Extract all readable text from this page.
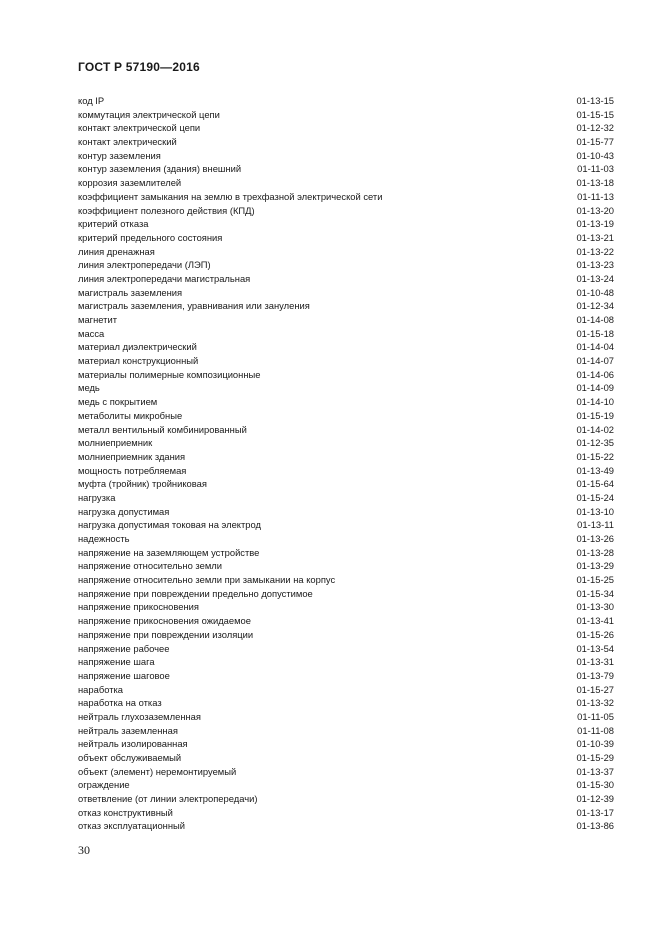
ГОСТ Р 57190—2016
код IP	01-13-15
коммутация электрической цепи	01-15-15
контакт электрической цепи	01-12-32
контакт электрический	01-15-77
контур заземления	01-10-43
контур заземления (здания) внешний	01-11-03
коррозия заземлителей	01-13-18
коэффициент замыкания на землю в трехфазной электрической сети	01-11-13
коэффициент полезного действия (КПД)	01-13-20
критерий отказа	01-13-19
критерий предельного состояния	01-13-21
линия дренажная	01-13-22
линия электропередачи (ЛЭП)	01-13-23
линия электропередачи магистральная	01-13-24
магистраль заземления	01-10-48
магистраль заземления, уравнивания или зануления	01-12-34
магнетит	01-14-08
масса	01-15-18
материал диэлектрический	01-14-04
материал конструкционный	01-14-07
материалы полимерные композиционные	01-14-06
медь	01-14-09
медь с покрытием	01-14-10
метаболиты микробные	01-15-19
металл вентильный комбинированный	01-14-02
молниеприемник	01-12-35
молниеприемник здания	01-15-22
мощность потребляемая	01-13-49
муфта (тройник) тройниковая	01-15-64
нагрузка	01-15-24
нагрузка допустимая	01-13-10
нагрузка допустимая токовая на электрод	01-13-11
надежность	01-13-26
напряжение на заземляющем устройстве	01-13-28
напряжение относительно земли	01-13-29
напряжение относительно земли при замыкании на корпус	01-15-25
напряжение при повреждении предельно допустимое	01-15-34
напряжение прикосновения	01-13-30
напряжение прикосновения ожидаемое	01-13-41
напряжение при повреждении изоляции	01-15-26
напряжение рабочее	01-13-54
напряжение шага	01-13-31
напряжение шаговое	01-13-79
наработка	01-15-27
наработка на отказ	01-13-32
нейтраль глухозаземленная	01-11-05
нейтраль заземленная	01-11-08
нейтраль изолированная	01-10-39
объект обслуживаемый	01-15-29
объект (элемент) неремонтируемый	01-13-37
ограждение	01-15-30
ответвление (от линии электропередачи)	01-12-39
отказ конструктивный	01-13-17
отказ эксплуатационный	01-13-86
30
